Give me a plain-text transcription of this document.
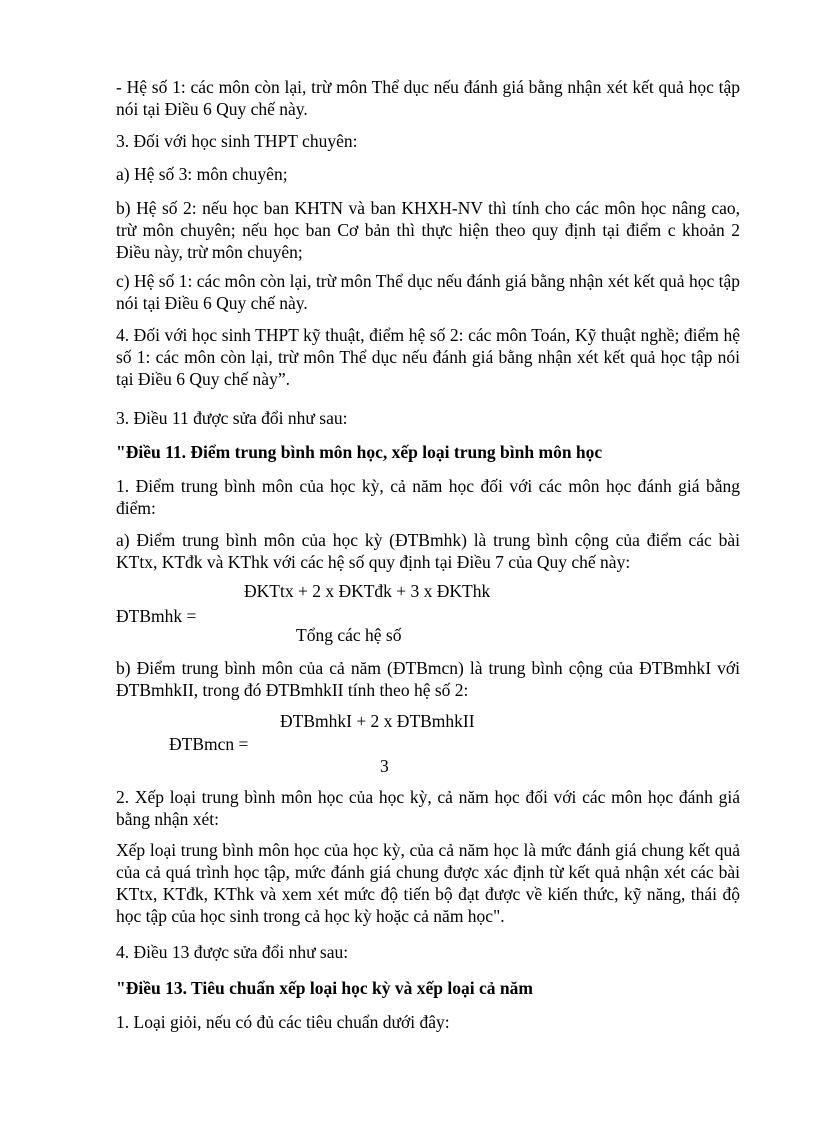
- Hệ số 1: các môn còn lại, trừ môn Thể dục nếu đánh giá bằng nhận xét kết quả học tập nói tại Điều 6 Quy chế này.

3. Đối với học sinh THPT chuyên:

a) Hệ số 3: môn chuyên;

b) Hệ số 2: nếu học ban KHTN và ban KHXH-NV thì tính cho các môn học nâng cao, trừ môn chuyên; nếu học ban Cơ bản thì thực hiện theo quy định tại điểm c khoản 2 Điều này, trừ môn chuyên;

c) Hệ số 1: các môn còn lại, trừ môn Thể dục nếu đánh giá bằng nhận xét kết quả học tập nói tại Điều 6 Quy chế này.

4. Đối với học sinh THPT kỹ thuật, điểm hệ số 2: các môn Toán, Kỹ thuật nghề; điểm hệ số 1: các môn còn lại, trừ môn Thể dục nếu đánh giá bằng nhận xét kết quả học tập nói tại Điều 6 Quy chế này”.

3. Điều 11 được sửa đổi như sau:

"Điều 11. Điểm trung bình môn học, xếp loại trung bình môn học

1. Điểm trung bình môn của học kỳ, cả năm học đối với các môn học đánh giá bằng điểm:

a) Điểm trung bình môn của học kỳ (ĐTBmhk) là trung bình cộng của điểm các bài KTtx, KTđk và KThk với các hệ số quy định tại Điều 7 của Quy chế này:

ĐKTtx + 2 x ĐKTđk + 3 x ĐKThk

ĐTBmhk =

Tổng các hệ số

b) Điểm trung bình môn của cả năm (ĐTBmcn) là trung bình cộng của ĐTBmhkI với ĐTBmhkII, trong đó ĐTBmhkII tính theo hệ số 2:

ĐTBmhkI + 2 x ĐTBmhkII

ĐTBmcn =

3

2. Xếp loại trung bình môn học của học kỳ, cả năm học đối với các môn học đánh giá bằng nhận xét:

Xếp loại trung bình môn học của học kỳ, của cả năm học là mức đánh giá chung kết quả của cả quá trình học tập, mức đánh giá chung được xác định từ kết quả nhận xét các bài KTtx, KTđk, KThk và xem xét mức độ tiến bộ đạt được về kiến thức, kỹ năng, thái độ học tập của học sinh trong cả học kỳ hoặc cả năm học".

4. Điều 13 được sửa đổi như sau:

"Điều 13. Tiêu chuẩn xếp loại học kỳ và xếp loại cả năm

1. Loại giỏi, nếu có đủ các tiêu chuẩn dưới đây:
